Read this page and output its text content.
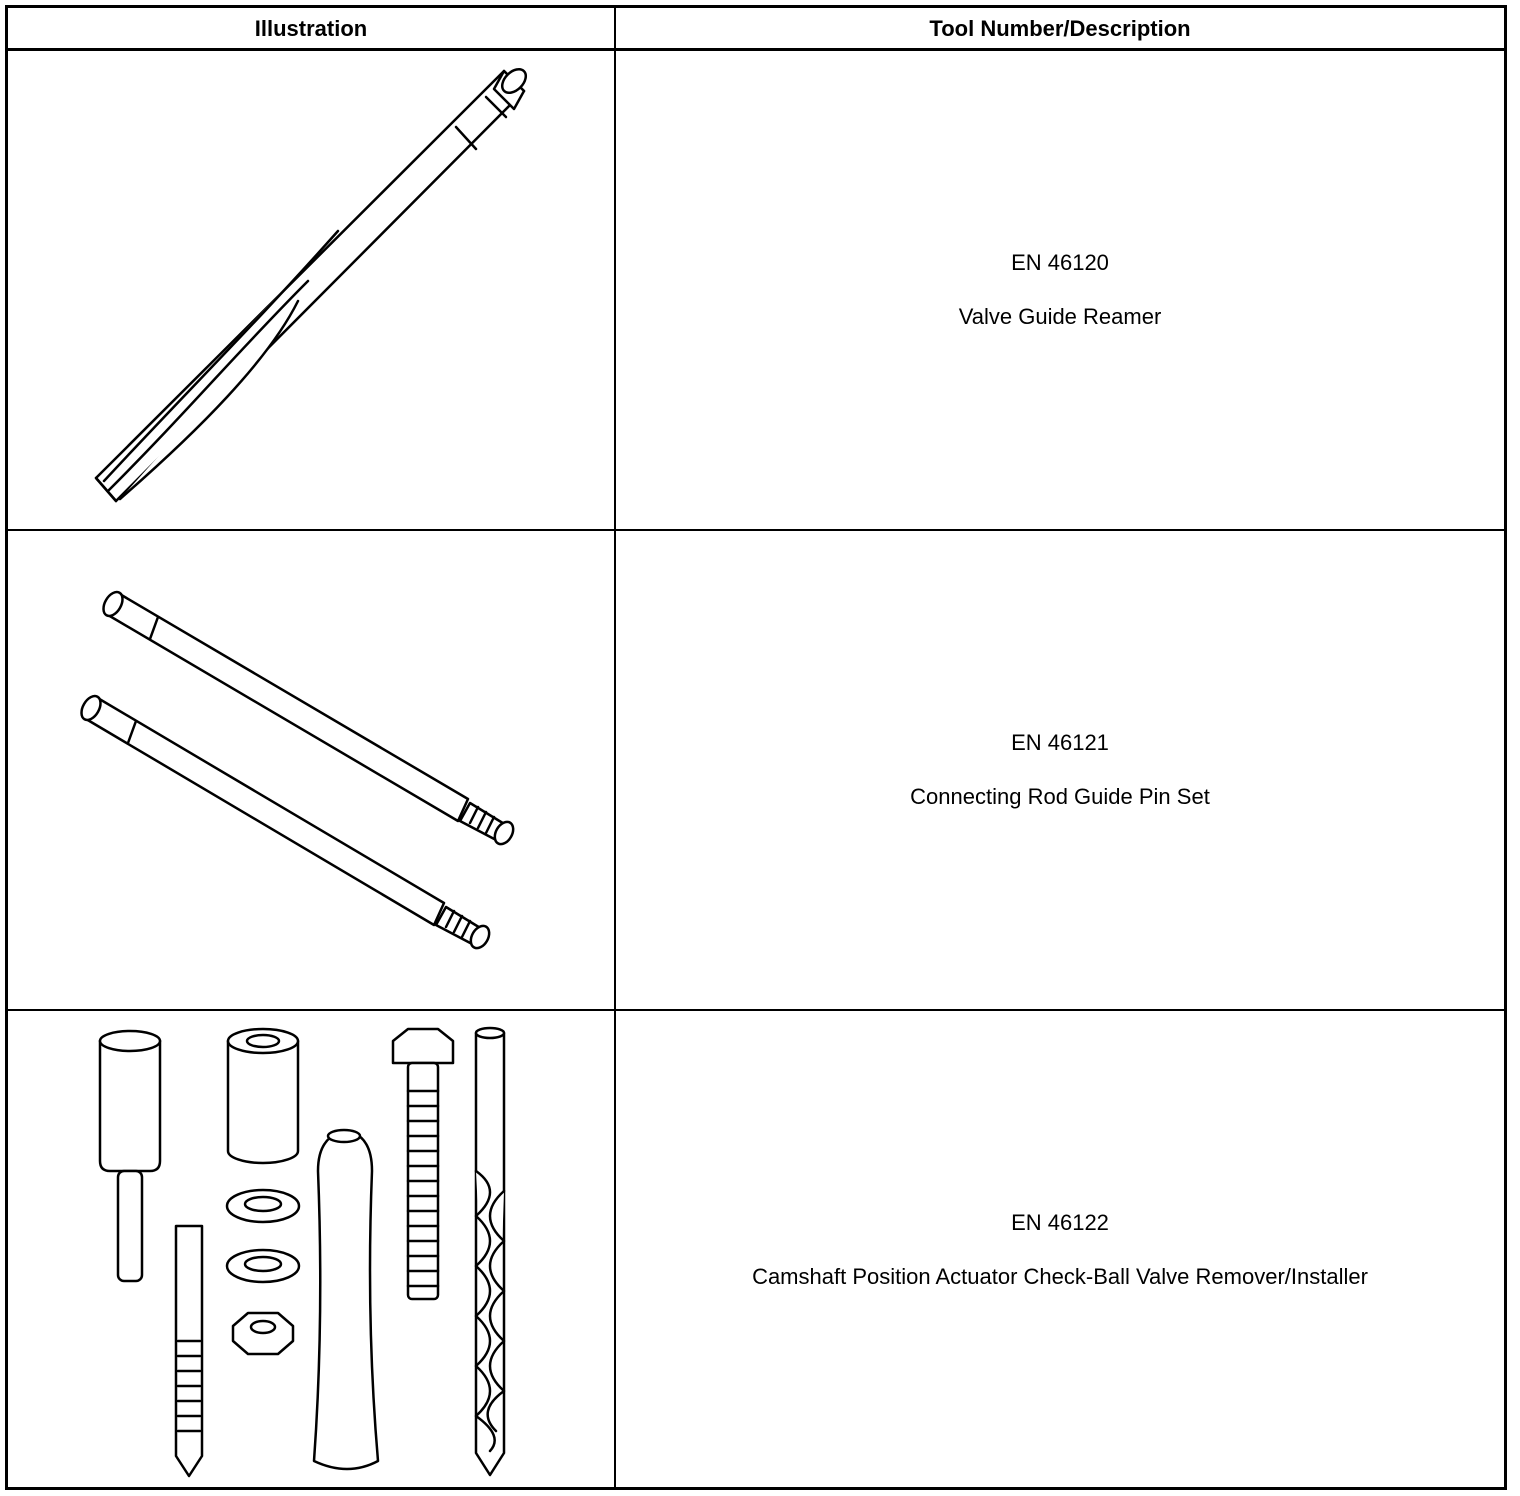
Illustration	Tool Number/Description
EN 46120
Valve Guide Reamer
EN 46121
Connecting Rod Guide Pin Set
EN 46122
Camshaft Position Actuator Check-Ball Valve Remover/Installer
